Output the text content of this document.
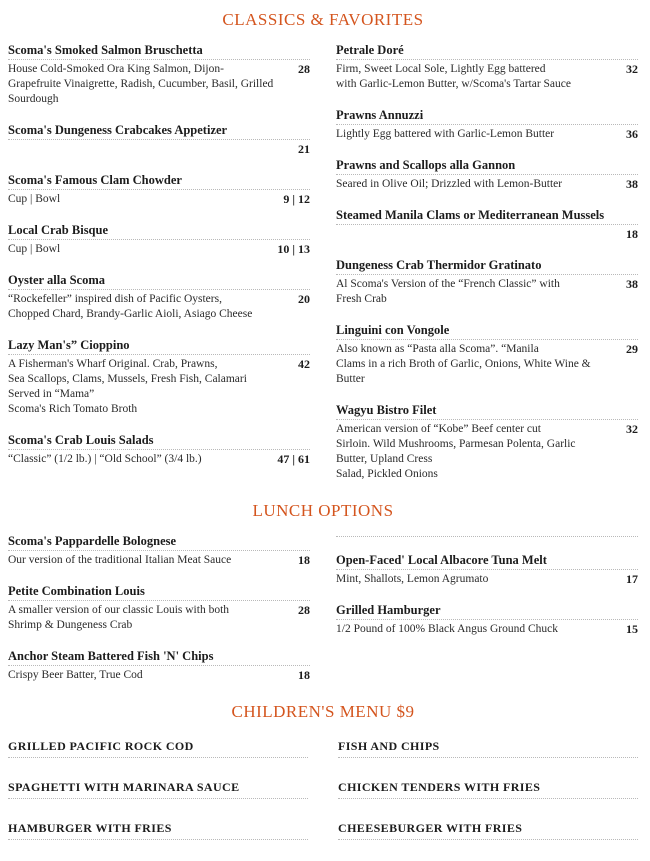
CLASSICS & FAVORITES
Scoma's Smoked Salmon Bruschetta
House Cold-Smoked Ora King Salmon, Dijon-
Grapefruite Vinaigrette, Radish, Cucumber, Basil, Grilled Sourdough
28
Scoma's Dungeness Crabcakes Appetizer
21
Scoma's Famous Clam Chowder
Cup | Bowl	9 | 12
Local Crab Bisque
Cup | Bowl	10 | 13
Oyster alla Scoma
“Rockefeller” inspired dish of Pacific Oysters,
Chopped Chard, Brandy-Garlic Aioli, Asiago Cheese
20
Lazy Man's” Cioppino
A Fisherman's Wharf Original. Crab, Prawns,
Sea Scallops, Clams, Mussels, Fresh Fish, Calamari Served in “Mama”
Scoma's Rich Tomato Broth
42
Scoma's Crab Louis Salads
“Classic” (1/2 lb.) | “Old School” (3/4 lb.)	47 | 61
Petrale Doré
Firm, Sweet Local Sole, Lightly Egg battered
with Garlic-Lemon Butter, w/Scoma's Tartar Sauce
32
Prawns Annuzzi
Lightly Egg battered with Garlic-Lemon Butter	36
Prawns and Scallops alla Gannon
Seared in Olive Oil; Drizzled with Lemon-Butter	38
Steamed Manila Clams or Mediterranean Mussels
18
Dungeness Crab Thermidor Gratinato
Al Scoma's Version of the “French Classic” with
Fresh Crab
38
Linguini con Vongole
Also known as “Pasta alla Scoma”. “Manila
Clams in a rich Broth of Garlic, Onions, White Wine & Butter
29
Wagyu Bistro Filet
American version of “Kobe” Beef center cut
Sirloin. Wild Mushrooms, Parmesan Polenta, Garlic Butter, Upland Cress
Salad, Pickled Onions
32
LUNCH OPTIONS
Scoma's Pappardelle Bolognese
Our version of the traditional Italian Meat Sauce	18
Petite Combination Louis
A smaller version of our classic Louis with both
Shrimp & Dungeness Crab
28
Anchor Steam Battered Fish 'N' Chips
Crispy Beer Batter, True Cod	18
Open-Faced' Local Albacore Tuna Melt
Mint, Shallots, Lemon Agrumato	17
Grilled Hamburger
1/2 Pound of 100% Black Angus Ground Chuck	15
CHILDREN'S MENU $9
GRILLED PACIFIC ROCK COD
SPAGHETTI WITH MARINARA SAUCE
HAMBURGER WITH FRIES
FISH AND CHIPS
CHICKEN TENDERS WITH FRIES
CHEESEBURGER WITH FRIES
